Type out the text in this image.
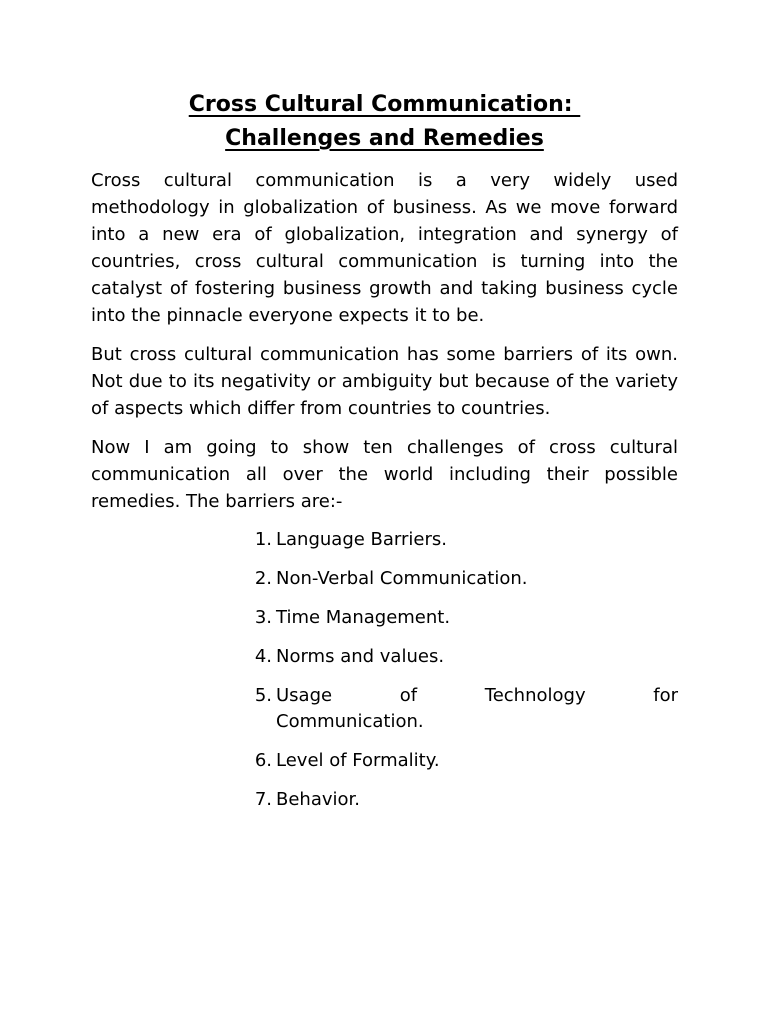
Cross Cultural Communication:
Challenges and Remedies

Cross cultural communication is a very widely used methodology in globalization of business. As we move forward into a new era of globalization, integration and synergy of countries, cross cultural communication is turning into the catalyst of fostering business growth and taking business cycle into the pinnacle everyone expects it to be.

But cross cultural communication has some barriers of its own. Not due to its negativity or ambiguity but because of the variety of aspects which differ from countries to countries.

Now I am going to show ten challenges of cross cultural communication all over the world including their possible remedies. The barriers are:-

1. Language Barriers.
2. Non-Verbal Communication.
3. Time Management.
4. Norms and values.
5. Usage	of	Technology	for
Communication.
6. Level of Formality.
7. Behavior.
